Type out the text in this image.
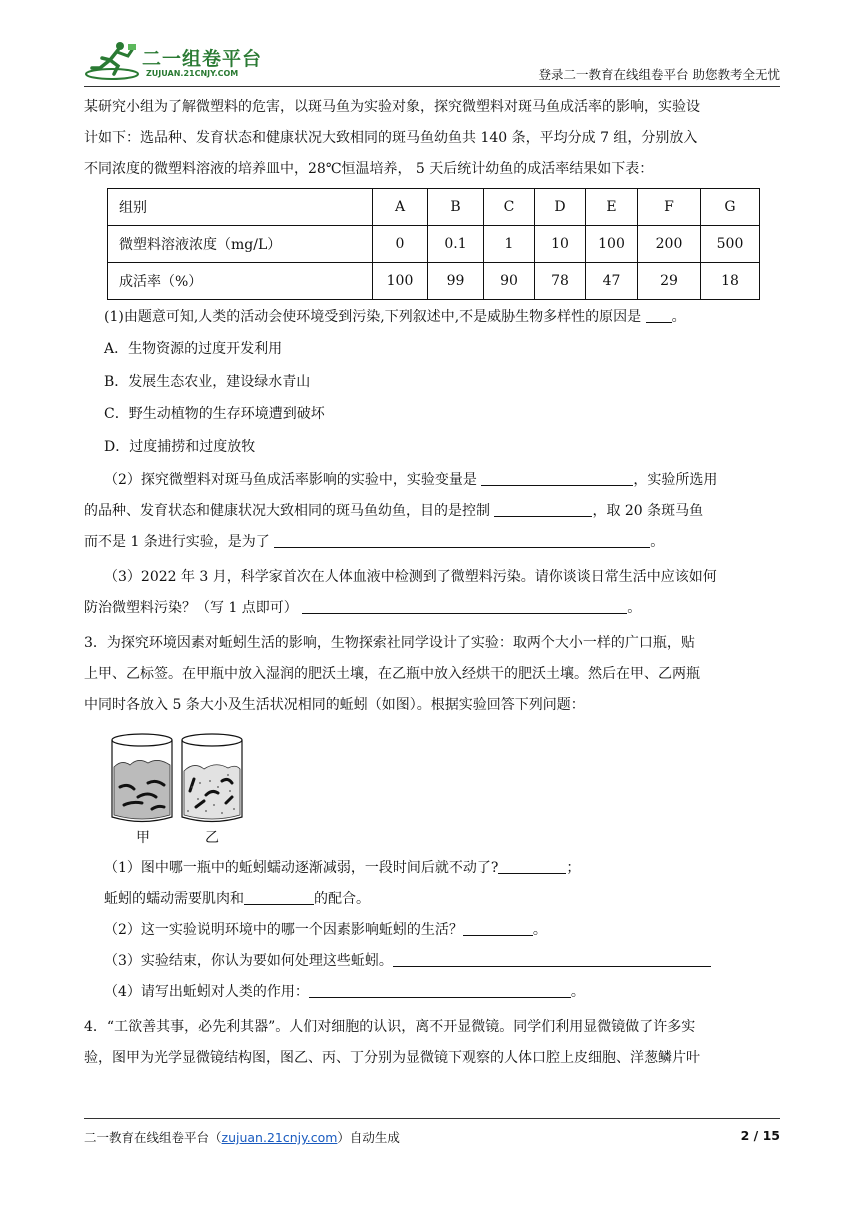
二一组卷平台
ZUJUAN.21CNJY.COM	登录二一教育在线组卷平台 助您教考全无忧
某研究小组为了解微塑料的危害，以斑马鱼为实验对象，探究微塑料对斑马鱼成活率的影响，实验设
计如下：选品种、发育状态和健康状况大致相同的斑马鱼幼鱼共 140 条，平均分成 7 组，分别放入
不同浓度的微塑料溶液的培养皿中，28℃恒温培养， 5 天后统计幼鱼的成活率结果如下表：
组别	A	B	C	D	E	F	G
微塑料溶液浓度（mg/L）	0	0.1	1	10	100	200	500
成活率（%）	100	99	90	78	47	29	18
(1)由题意可知,人类的活动会使环境受到污染,下列叙述中,不是威胁生物多样性的原因是 。
A．生物资源的过度开发利用
B．发展生态农业，建设绿水青山
C．野生动植物的生存环境遭到破坏
D．过度捕捞和过度放牧
（2）探究微塑料对斑马鱼成活率影响的实验中，实验变量是	，实验所选用
的品种、发育状态和健康状况大致相同的斑马鱼幼鱼，目的是控制	，取 20 条斑马鱼
而不是 1 条进行实验，是为了	。
（3）2022 年 3 月，科学家首次在人体血液中检测到了微塑料污染。请你谈谈日常生活中应该如何
防治微塑料污染？（写 1 点即可）	。
3．为探究环境因素对蚯蚓生活的影响，生物探索社同学设计了实验：取两个大小一样的广口瓶，贴
上甲、乙标签。在甲瓶中放入湿润的肥沃土壤，在乙瓶中放入经烘干的肥沃土壤。然后在甲、乙两瓶
中同时各放入 5 条大小及生活状况相同的蚯蚓（如图）。根据实验回答下列问题：
甲	乙
（1）图中哪一瓶中的蚯蚓蠕动逐渐减弱，一段时间后就不动了?	；
蚯蚓的蠕动需要肌肉和	的配合。
（2）这一实验说明环境中的哪一个因素影响蚯蚓的生活？	。
（3）实验结束，你认为要如何处理这些蚯蚓。
（4）请写出蚯蚓对人类的作用：	。
4．“工欲善其事，必先利其器”。人们对细胞的认识，离不开显微镜。同学们利用显微镜做了许多实
验，图甲为光学显微镜结构图，图乙、丙、丁分别为显微镜下观察的人体口腔上皮细胞、洋葱鳞片叶
二一教育在线组卷平台（zujuan.21cnjy.com）自动生成	2 / 15
